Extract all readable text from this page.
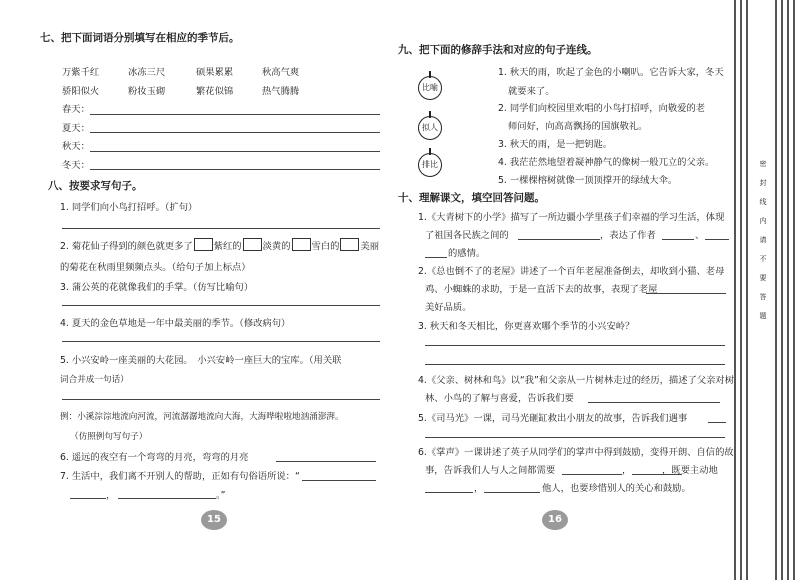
七、把下面词语分别填写在相应的季节后。
万紫千红	冰冻三尺	硕果累累	秋高气爽
骄阳似火	粉妆玉砌	繁花似锦	热气腾腾
春天：
夏天：
秋天：
冬天：
八、按要求写句子。
1. 同学们向小鸟打招呼。（扩句）
2. 菊花仙子得到的颜色就更多了 紫红的 淡黄的 雪白的 美丽
的菊花在秋雨里频频点头。（给句子加上标点）
3. 蒲公英的花就像我们的手掌。（仿写比喻句）
4. 夏天的金色草地是一年中最美丽的季节。（修改病句）
5. 小兴安岭一座美丽的大花园。　小兴安岭一座巨大的宝库。（用关联
词合并成一句话）
例：小溪淙淙地流向河流，河流潺潺地流向大海，大海哗啦啦地汹涌澎湃。
（仿照例句写句子）
6. 遥远的夜空有一个弯弯的月亮，弯弯的月亮
7. 生活中，我们离不开别人的帮助，正如有句俗语所说：“
，	。”
15
九、把下面的修辞手法和对应的句子连线。
比喻
拟人
排比
1. 秋天的雨，吹起了金色的小喇叭。它告诉大家，冬天
就要来了。
2. 同学们向校园里欢唱的小鸟打招呼，向敬爱的老
师问好，向高高飘扬的国旗敬礼。
3. 秋天的雨，是一把钥匙。
4. 我茫茫然地望着凝神静气的像树一般兀立的父亲。
5. 一棵棵榕树就像一顶顶撑开的绿绒大伞。
十、理解课文，填空回答问题。
1.《大青树下的小学》描写了一所边疆小学里孩子们幸福的学习生活，体现
了祖国各民族之间的	，表达了作者	、
的感情。
2.《总也倒不了的老屋》讲述了一个百年老屋准备倒去，却收到小猫、老母
鸡、小蜘蛛的求助，于是一直活下去的故事，表现了老屋
美好品质。
3. 秋天和冬天相比，你更喜欢哪个季节的小兴安岭？
4.《父亲、树林和鸟》以“我”和父亲从一片树林走过的经历，描述了父亲对树
林、小鸟的了解与喜爱，告诉我们要
5.《司马光》一课，司马光砸缸救出小朋友的故事，告诉我们遇事
6.《掌声》一课讲述了英子从同学们的掌声中得到鼓励，变得开朗、自信的故
事，告诉我们人与人之间都需要	，	，既要主动地
，	他人，也要珍惜别人的关心和鼓励。
16
密
封
线
内
请
不
要
答
题
